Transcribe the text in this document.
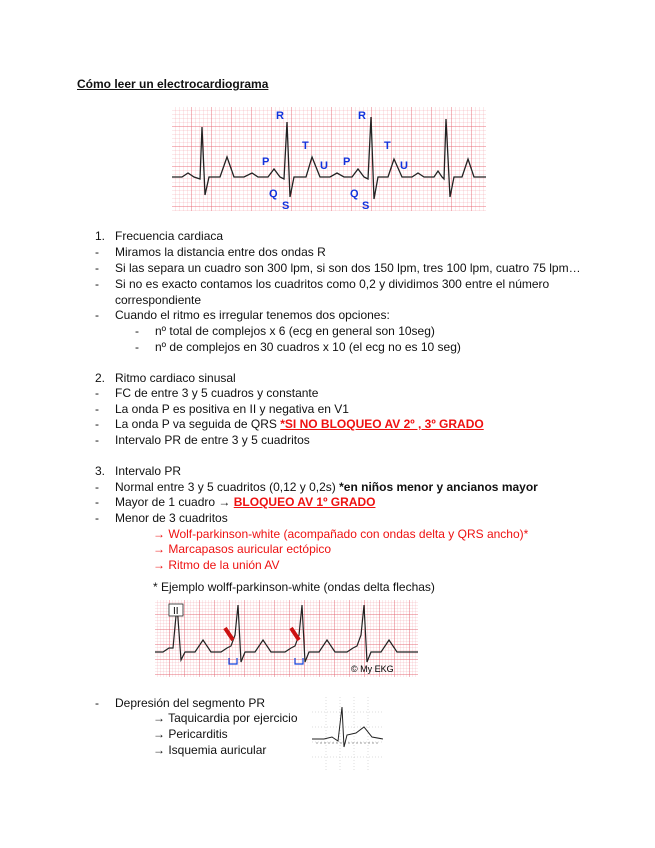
Cómo leer un electrocardiograma
R	R
T	T
U	U
P	P
Q	Q
S	S
1. Frecuencia cardiaca
- Miramos la distancia entre dos ondas R
- Si las separa un cuadro son 300 lpm, si son dos 150 lpm, tres 100 lpm, cuatro 75 lpm…
- Si no es exacto contamos los cuadritos como 0,2 y dividimos 300 entre el número
correspondiente
- Cuando el ritmo es irregular tenemos dos opciones:
- nº total de complejos x 6 (ecg en general son 10seg)
- nº de complejos en 30 cuadros x 10 (el ecg no es 10 seg)
2. Ritmo cardiaco sinusal
- FC de entre 3 y 5 cuadros y constante
- La onda P es positiva en II y negativa en V1
- La onda P va seguida de QRS *SI NO BLOQUEO AV 2º , 3º GRADO
- Intervalo PR de entre 3 y 5 cuadritos
3. Intervalo PR
- Normal entre 3 y 5 cuadritos (0,12 y 0,2s) *en niños menor y ancianos mayor
- Mayor de 1 cuadro → BLOQUEO AV 1º GRADO
- Menor de 3 cuadritos
→ Wolf-parkinson-white (acompañado con ondas delta y QRS ancho)*
→ Marcapasos auricular ectópico
→ Ritmo de la unión AV
* Ejemplo wolff-parkinson-white (ondas delta flechas)
II
© My EKG
- Depresión del segmento PR
→ Taquicardia por ejercicio
→ Pericarditis
→ Isquemia auricular
